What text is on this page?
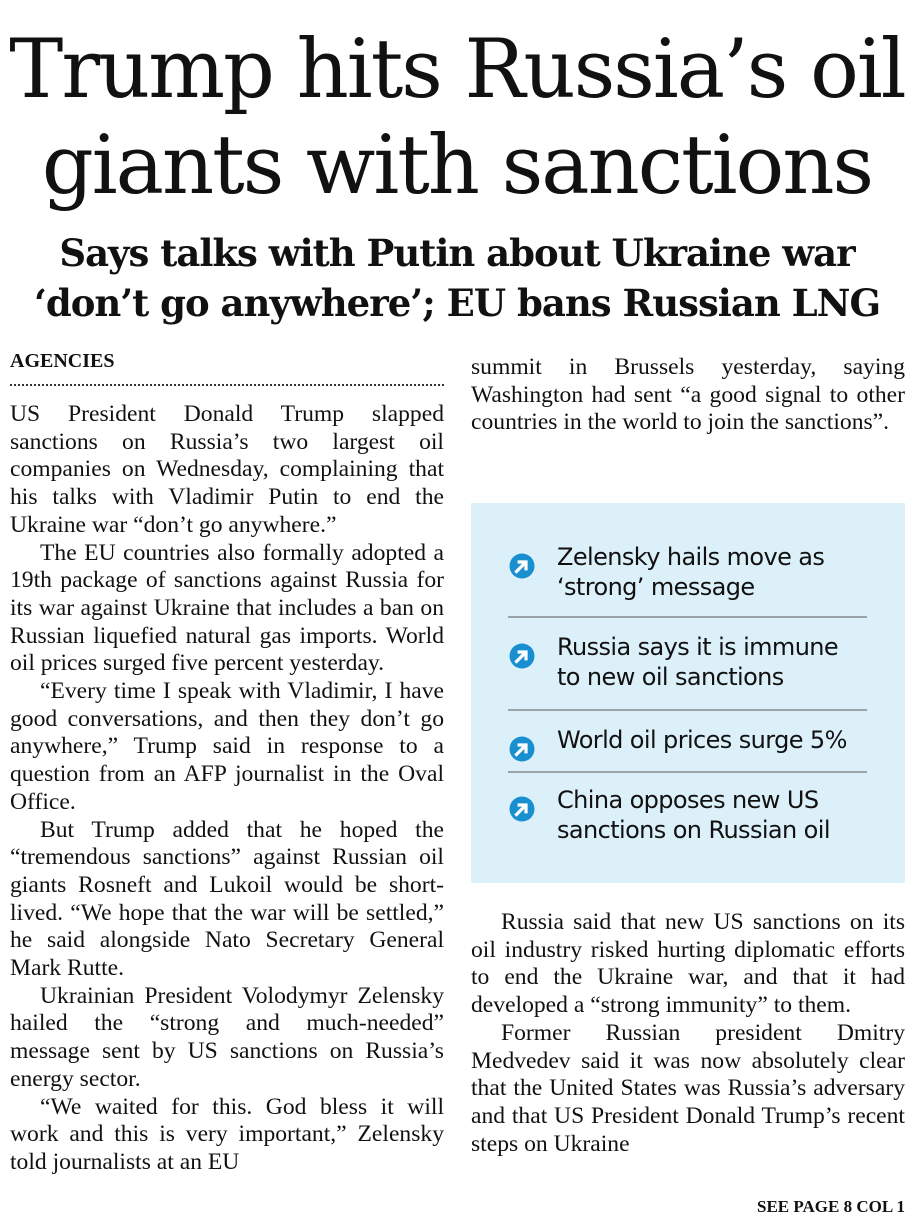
Trump hits Russia’s oil
giants with sanctions
Says talks with Putin about Ukraine war
‘don’t go anywhere’; EU bans Russian LNG
AGENCIES

US President Donald Trump slapped sanctions on Russia’s two largest oil companies on Wednesday, complaining that his talks with Vladimir Putin to end the Ukraine war “don’t go anywhere.”

The EU countries also formally adopted a 19th package of sanctions against Russia for its war against Ukraine that includes a ban on Russian liquefied natural gas imports. World oil prices surged five percent yesterday.

“Every time I speak with Vladimir, I have good conversations, and then they don’t go anywhere,” Trump said in response to a question from an AFP journalist in the Oval Office.

But Trump added that he hoped the “tremendous sanctions” against Russian oil giants Rosneft and Lukoil would be short-lived. “We hope that the war will be settled,” he said alongside Nato Secretary General Mark Rutte.

Ukrainian President Volodymyr Zelensky hailed the “strong and much-needed” message sent by US sanctions on Russia’s energy sector.

“We waited for this. God bless it will work and this is very important,” Zelensky told journalists at an EU

summit in Brussels yesterday, saying Washington had sent “a good signal to other countries in the world to join the sanctions”.

Zelensky hails move as ‘strong’ message
Russia says it is immune to new oil sanctions
World oil prices surge 5%
China opposes new US sanctions on Russian oil

Russia said that new US sanctions on its oil industry risked hurting diplomatic efforts to end the Ukraine war, and that it had developed a “strong immunity” to them.

Former Russian president Dmitry Medvedev said it was now absolutely clear that the United States was Russia’s adversary and that US President Donald Trump’s recent steps on Ukraine

SEE PAGE 8 COL 1
